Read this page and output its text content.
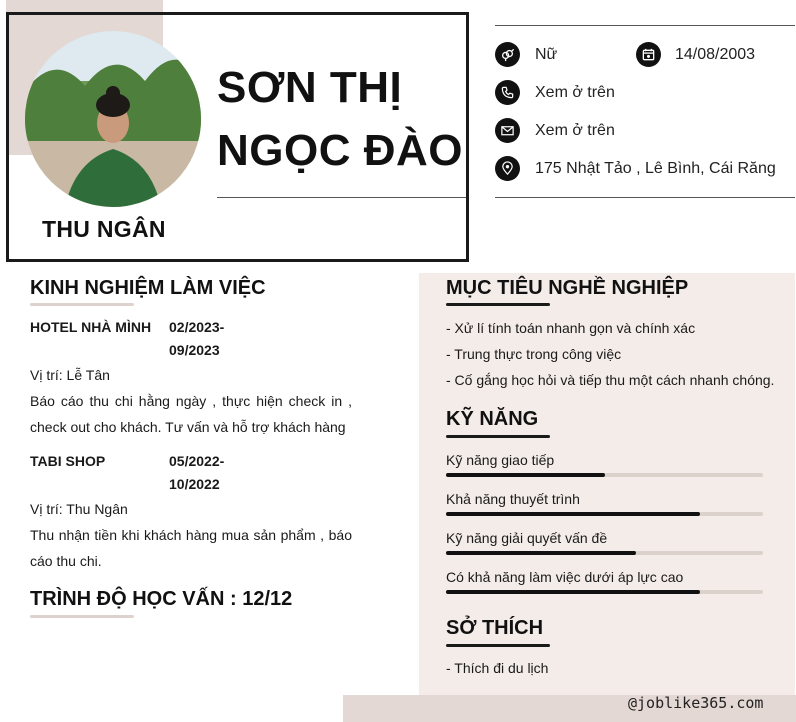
SƠN THỊ
NGỌC ĐÀO
THU NGÂN
Nữ	14/08/2003
Xem ở trên
Xem ở trên
175 Nhật Tảo , Lê Bình, Cái Răng
KINH NGHIỆM LÀM VIỆC
HOTEL NHÀ MÌNH 02/2023-
09/2023
Vị trí: Lễ Tân
Báo cáo thu chi hằng ngày , thực hiện check in ,
check out cho khách. Tư vấn và hỗ trợ khách hàng
TABI SHOP	05/2022-
10/2022
Vị trí: Thu Ngân
Thu nhận tiền khi khách hàng mua sản phẩm , báo
cáo thu chi.
TRÌNH ĐỘ HỌC VẤN : 12/12
MỤC TIÊU NGHỀ NGHIỆP
- Xử lí tính toán nhanh gọn và chính xác
- Trung thực trong công việc
- Cố gắng học hỏi và tiếp thu một cách nhanh chóng.
KỸ NĂNG
Kỹ năng giao tiếp
Khả năng thuyết trình
Kỹ năng giải quyết vấn đề
Có khả năng làm việc dưới áp lực cao
SỞ THÍCH
- Thích đi du lịch
@joblike365.com
